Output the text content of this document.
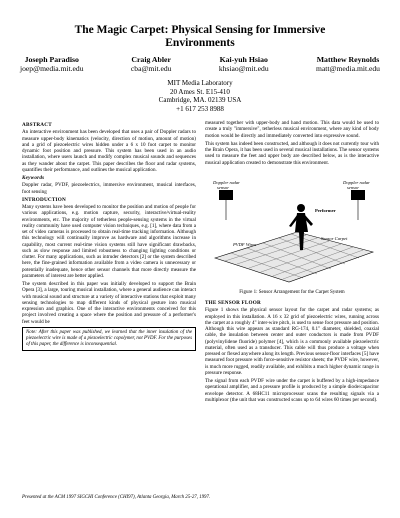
The Magic Carpet: Physical Sensing for Immersive
Environments
Joseph Paradiso
joep@media.mit.edu
Craig Abler
cba@mit.edu
Kai-yuh Hsiao
khsiao@mit.edu
Matthew Reynolds
matt@media.mit.edu
MIT Media Laboratory
20 Ames St. E15-410
Cambridge, MA. 02139 USA
+1 617 253 8988
ABSTRACT

An interactive environment has been developed that uses a pair of Doppler radars to measure upper-body kinematics (velocity, direction of motion, amount of motion) and a grid of piezoelectric wires hidden under a 6 x 10 foot carpet to monitor dynamic foot position and pressure. This system has been used in an audio installation, where users launch and modify complex musical sounds and sequences as they wander about the carpet. This paper describes the floor and radar systems, quantifies their performance, and outlines the musical application.

Keywords

Doppler radar, PVDF, piezoelectrics, immersive environment, musical interfaces, foot sensing

INTRODUCTION

Many systems have been developed to monitor the position and motion of people for various applications, e.g. motion capture, security, interactive/virtual-reality environments, etc. The majority of tetherless people-sensing systems in the virtual reality community have used computer vision techniques, e.g. [1], where data from a set of video cameras is processed to obtain real-time tracking information. Although this technology will continually improve as hardware and algorithms increase in capability, most current real-time vision systems still have significant drawbacks, such as slow response and limited robustness to changing lighting conditions or clutter. For many applications, such as intruder detectors [2] or the system described here, the fine-grained information available from a video camera is unnecessary or potentially inadequate, hence other sensor channels that more directly measure the parameters of interest are better applied.

The system described in this paper was initially developed to support the Brain Opera [3], a large, touring musical installation, where a general audience can interact with musical sound and structure at a variety of interactive stations that exploit many sensing technologies to map different kinds of physical gesture into musical expression and graphics. One of the interactive environments conceived for this project involved creating a space where the position and pressure of a performer's feet would be

Note: After this paper was published, we learned that the inner insulation of the piezoelectric wire is made of a piezoelectric copolymer, not PVDF. For the purposes of this paper, the difference is inconsequential.

measured together with upper-body and hand motion. This data would be used to create a truly "immersive", tetherless musical environment, where any kind of body motion would be directly and immediately converted into expressive sound.

This system has indeed been constructed, and although it does not currently tour with the Brain Opera, it has been used in several musical installations. The sensor systems used to measure the feet and upper body are described below, as is the interactive musical application created to demonstrate this environment.

Doppler radar
sensor
Doppler radar
sensor
Performer
PVDF Wires
Sensor Carpet
Figure 1: Sensor Arrangement for the Carpet System
THE SENSOR FLOOR

Figure 1 shows the physical sensor layout for the carpet and radar systems; as employed in this installation. A 16 x 32 grid of piezoelectric wires, running across the carpet at a roughly 4" inter-wire pitch, is used to sense foot pressure and position. Although this wire appears as standard RG-174, 0.1" diameter, shielded, coaxial cable, the insulation between center and outer conductors is made from PVDF (polyvinylidene fluoride) polymer [4], which is a commonly available piezoelectric material, often used as a transducer. This cable will thus produce a voltage when pressed or flexed anywhere along its length. Previous sensor-floor interfaces [5] have measured foot pressure with force-sensitive resistor sheets; the PVDF wire, however, is much more rugged, readily available, and exhibits a much higher dynamic range in pressure response.

The signal from each PVDF wire under the carpet is buffered by a high-impedance operational amplifier, and a pressure profile is produced by a simple diode/capacitor envelope detector. A 68HC11 microprocessor scans the resulting signals via a multiplexor (the unit that was constructed scans up to 64 wires 60 times per second).

Presented at the ACM 1997 SIGCHI Conference (CHI97), Atlanta Georgia, March 25-27, 1997.
